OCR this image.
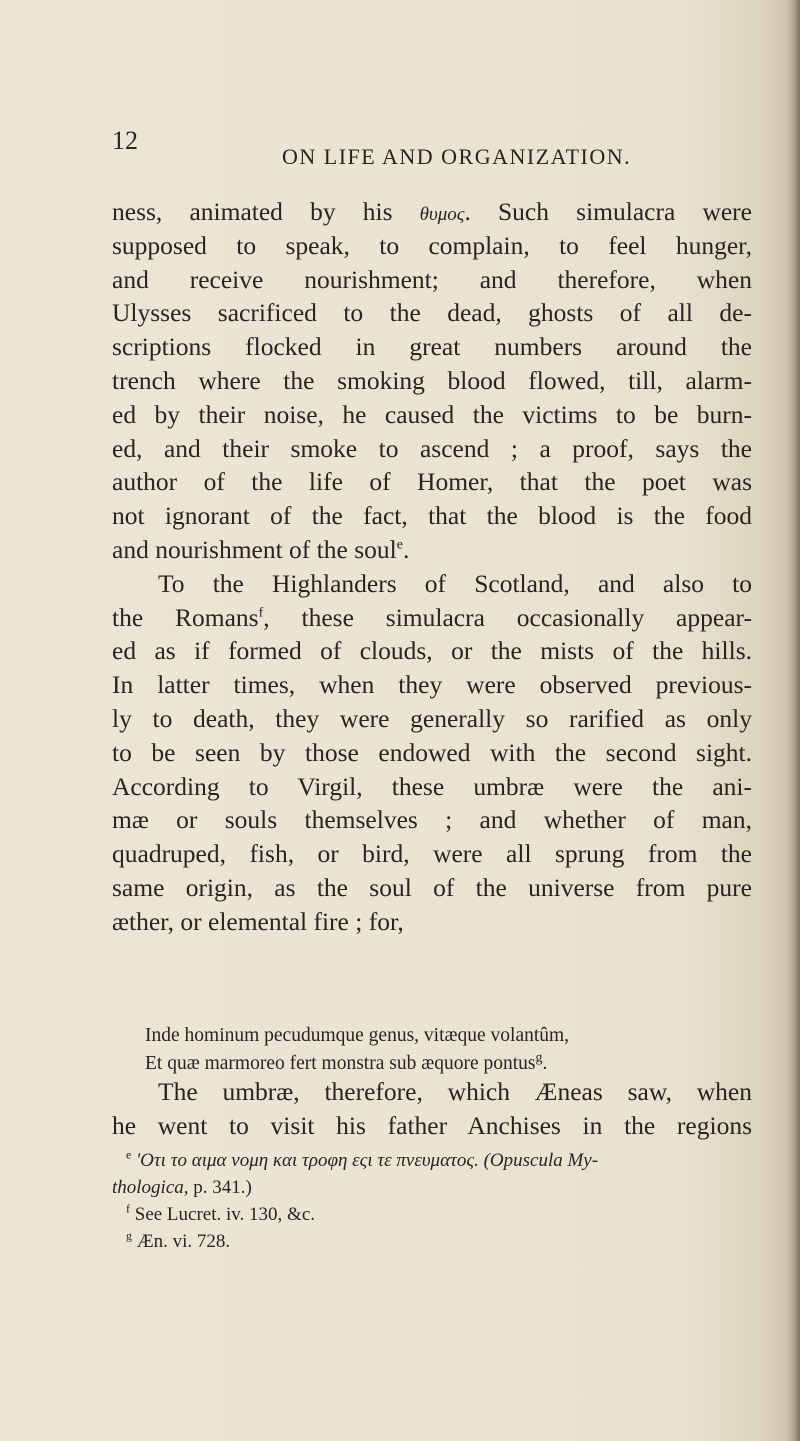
12
ON LIFE AND ORGANIZATION.
ness, animated by his θυμος. Such simulacra were
supposed to speak, to complain, to feel hunger,
and receive nourishment; and therefore, when
Ulysses sacrificed to the dead, ghosts of all de-
scriptions flocked in great numbers around the
trench where the smoking blood flowed, till, alarm-
ed by their noise, he caused the victims to be burn-
ed, and their smoke to ascend ; a proof, says the
author of the life of Homer, that the poet was
not ignorant of the fact, that the blood is the food
and nourishment of the soul$^e$.
To the Highlanders of Scotland, and also to
the Romans$^f$, these simulacra occasionally appear-
ed as if formed of clouds, or the mists of the hills.
In latter times, when they were observed previous-
ly to death, they were generally so rarified as only
to be seen by those endowed with the second sight.
According to Virgil, these umbræ were the ani-
mæ or souls themselves ; and whether of man,
quadruped, fish, or bird, were all sprung from the
same origin, as the soul of the universe from pure
æther, or elemental fire ; for,
Inde hominum pecudumque genus, vitæque volantûm,
Et quæ marmoreo fert monstra sub æquore pontus$^g$.
The umbræ, therefore, which Æneas saw, when
he went to visit his father Anchises in the regions
$^e$ 'Οτι το αιμα νομη και τροφη εςι τε πνευματος. (Opuscula My-
thologica, p. 341.)
$^f$ See Lucret. iv. 130, &c.
$^g$ Æn. vi. 728.
